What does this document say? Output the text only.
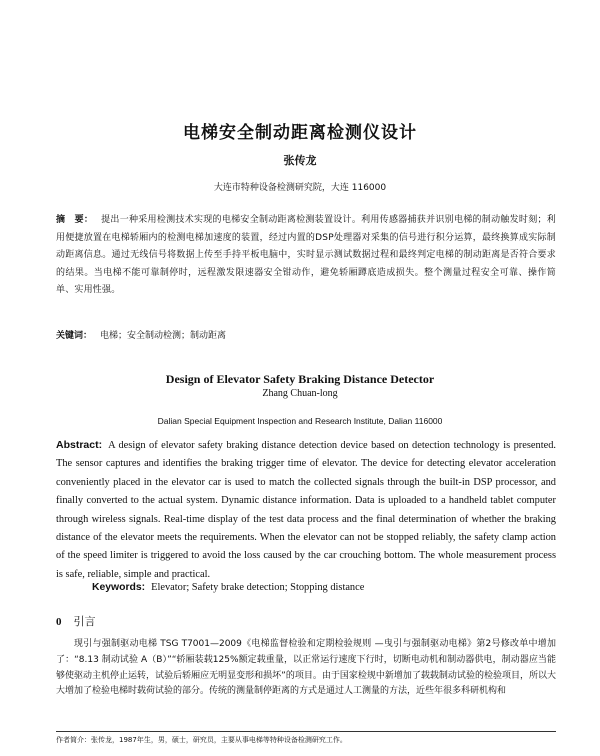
电梯安全制动距离检测仪设计
张传龙
大连市特种设备检测研究院，大连 116000
摘　要： 提出一种采用检测技术实现的电梯安全制动距离检测装置设计。利用传感器捕获并识别电梯的制动触发时刻；利用便捷放置在电梯轿厢内的检测电梯加速度的装置，经过内置的DSP处理器对采集的信号进行积分运算，最终换算成实际制动距离信息。通过无线信号将数据上传至手持平板电脑中，实时显示测试数据过程和最终判定电梯的制动距离是否符合要求的结果。当电梯不能可靠制停时，远程激发限速器安全钳动作，避免轿厢蹲底造成损失。整个测量过程安全可靠、操作简单、实用性强。
关键词： 电梯；安全制动检测；制动距离
Design of Elevator Safety Braking Distance Detector
Zhang Chuan-long
Dalian Special Equipment Inspection and Research Institute, Dalian 116000
Abstract: A design of elevator safety braking distance detection device based on detection technology is presented. The sensor captures and identifies the braking trigger time of elevator. The device for detecting elevator acceleration conveniently placed in the elevator car is used to match the collected signals through the built-in DSP processor, and finally converted to the actual system. Dynamic distance information. Data is uploaded to a handheld tablet computer through wireless signals. Real-time display of the test data process and the final determination of whether the braking distance of the elevator meets the requirements. When the elevator can not be stopped reliably, the safety clamp action of the speed limiter is triggered to avoid the loss caused by the car crouching bottom. The whole measurement process is safe, reliable, simple and practical.
Keywords: Elevator; Safety brake detection; Stopping distance
0 引言
现引与强制驱动电梯 TSG T7001—2009《电梯监督检验和定期检验规则 —曳引与强制驱动电梯》第2号修改单中增加了：“8.13 制动试验 A（B）”“轿厢装载125%额定载重量，以正常运行速度下行时，切断电动机和制动器供电，制动器应当能够使驱动主机停止运转，试验后轿厢应无明显变形和损坏”的项目。由于国家检规中新增加了载载制动试验的检验项目，所以大大增加了检验电梯时载荷试验的部分。传统的测量制停距离的方式是通过人工测量的方法，近些年很多科研机构和
作者简介：张传龙，1987年生，男，硕士，研究员，主要从事电梯等特种设备检测研究工作。
